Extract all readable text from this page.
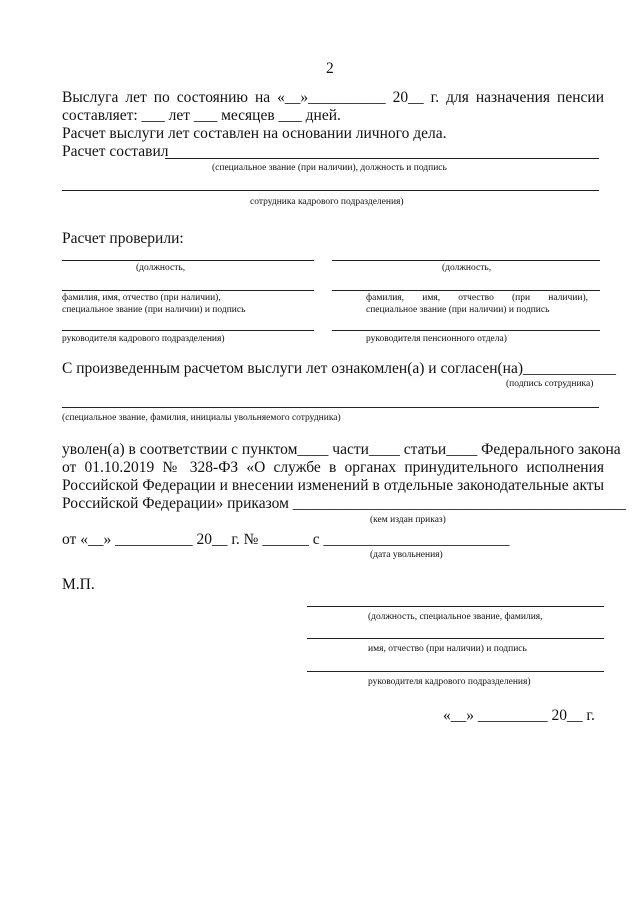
2
Выслуга лет по состоянию на «__»__________ 20__ г. для назначения пенсии
составляет: ___ лет ___ месяцев ___ дней.
Расчет выслуги лет составлен на основании личного дела.
Расчет составил
(специальное звание (при наличии), должность и подпись
сотрудника кадрового подразделения)
Расчет проверили:
(должность,
фамилия, имя, отчество (при наличии),
специальное звание (при наличии) и подпись
руководителя кадрового подразделения)
(должность,
фамилия, имя, отчество (при наличии),
специальное звание (при наличии) и подпись
руководителя пенсионного отдела)
С произведенным расчетом выслуги лет ознакомлен(а) и согласен(на)____________
(подпись сотрудника)
(специальное звание, фамилия, инициалы увольняемого сотрудника)
уволен(а) в соответствии с пунктом____ части____ статьи____ Федерального закона
от 01.10.2019 № 328-ФЗ «О службе в органах принудительного исполнения
Российской Федерации и внесении изменений в отдельные законодательные акты
Российской Федерации» приказом ___________________________________________
(кем издан приказ)
от «__» __________ 20__ г. № ______ с ________________________
(дата увольнения)
М.П.
(должность, специальное звание, фамилия,
имя, отчество (при наличии) и подпись
руководителя кадрового подразделения)
«__» _________ 20__ г.
